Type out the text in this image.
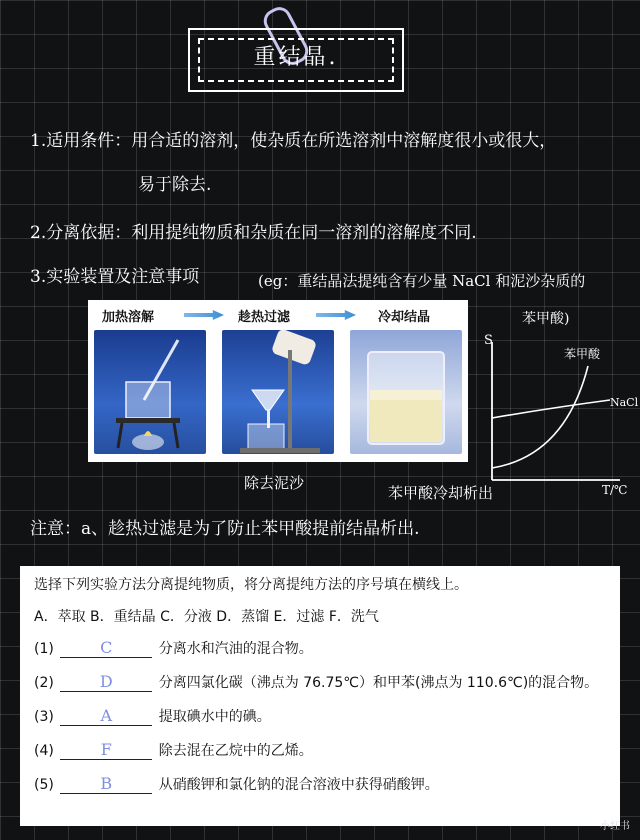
重结晶.
1.适用条件：用合适的溶剂，使杂质在所选溶剂中溶解度很小或很大，
易于除去.
2.分离依据：利用提纯物质和杂质在同一溶剂的溶解度不同.
3.实验装置及注意事项	(eg：重结晶法提纯含有少量 NaCl 和泥沙杂质的
苯甲酸)
加热溶解	趁热过滤	冷却结晶
S
T/℃
苯甲酸
NaCl
除去泥沙
苯甲酸冷却析出
注意：a、趁热过滤是为了防止苯甲酸提前结晶析出.
选择下列实验方法分离提纯物质，将分离提纯方法的序号填在横线上。
A．萃取 B．重结晶 C．分液 D．蒸馏 E．过滤 F．洗气
(1)	C	分离水和汽油的混合物。
(2)	D	分离四氯化碳（沸点为 76.75℃）和甲苯(沸点为 110.6℃)的混合物。
(3)	A	提取碘水中的碘。
(4)	F	除去混在乙烷中的乙烯。
(5)	B	从硝酸钾和氯化钠的混合溶液中获得硝酸钾。
小红书
